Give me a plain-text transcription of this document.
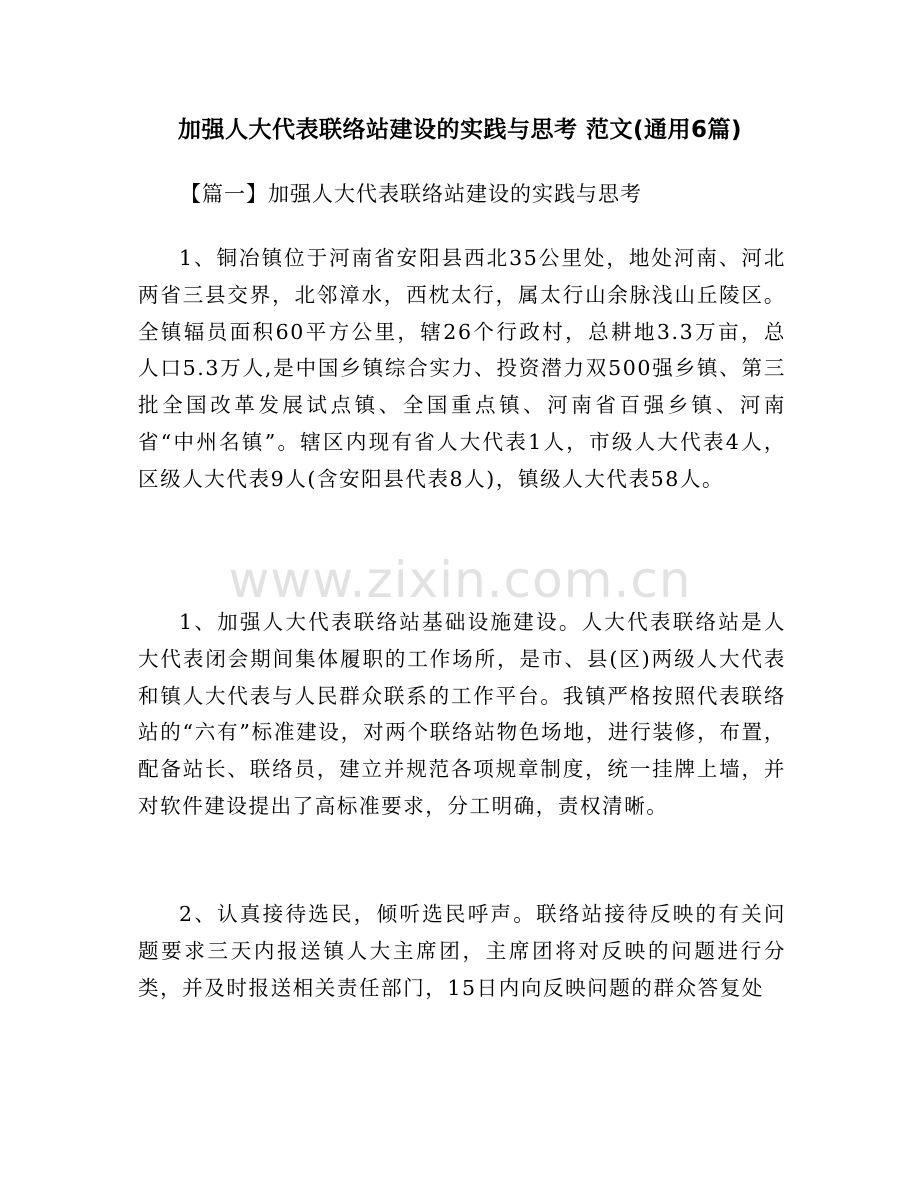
加强人大代表联络站建设的实践与思考 范文(通用6篇)
【篇一】加强人大代表联络站建设的实践与思考
1、铜冶镇位于河南省安阳县西北35公里处，地处河南、河北两省三县交界，北邻漳水，西枕太行，属太行山余脉浅山丘陵区。全镇辐员面积60平方公里，辖26个行政村，总耕地3.3万亩，总人口5.3万人,是中国乡镇综合实力、投资潜力双500强乡镇、第三批全国改革发展试点镇、全国重点镇、河南省百强乡镇、河南省“中州名镇”。辖区内现有省人大代表1人，市级人大代表4人，区级人大代表9人(含安阳县代表8人)，镇级人大代表58人。
1、加强人大代表联络站基础设施建设。人大代表联络站是人大代表闭会期间集体履职的工作场所，是市、县(区)两级人大代表和镇人大代表与人民群众联系的工作平台。我镇严格按照代表联络站的“六有”标准建设，对两个联络站物色场地，进行装修，布置，配备站长、联络员，建立并规范各项规章制度，统一挂牌上墙，并对软件建设提出了高标准要求，分工明确，责权清晰。
2、认真接待选民，倾听选民呼声。联络站接待反映的有关问题要求三天内报送镇人大主席团，主席团将对反映的问题进行分类，并及时报送相关责任部门，15日内向反映问题的群众答复处
www.zixin.com.cn
